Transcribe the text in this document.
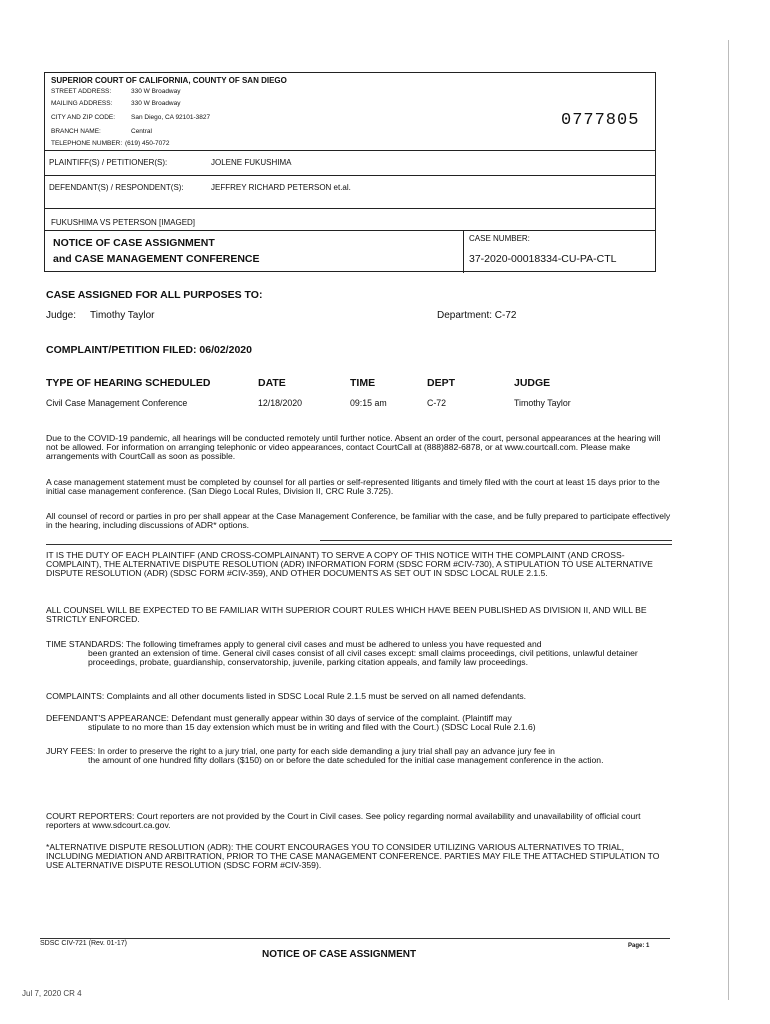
SUPERIOR COURT OF CALIFORNIA, COUNTY OF SAN DIEGO
STREET ADDRESS:	330 W Broadway
MAILING ADDRESS:	330 W Broadway
CITY AND ZIP CODE: San Diego, CA 92101-3827
BRANCH NAME:	Central
TELEPHONE NUMBER: (619) 450-7072
0777805
PLAINTIFF(S) / PETITIONER(S):	JOLENE FUKUSHIMA
DEFENDANT(S) / RESPONDENT(S):	JEFFREY RICHARD PETERSON et.al.
FUKUSHIMA VS PETERSON [IMAGED]
NOTICE OF CASE ASSIGNMENT
and CASE MANAGEMENT CONFERENCE
CASE NUMBER:
37-2020-00018334-CU-PA-CTL
CASE ASSIGNED FOR ALL PURPOSES TO:
Judge: Timothy Taylor	Department: C-72
COMPLAINT/PETITION FILED: 06/02/2020
TYPE OF HEARING SCHEDULED	DATE	TIME	DEPT	JUDGE
Civil Case Management Conference	12/18/2020	09:15 am	C-72	Timothy Taylor
Due to the COVID-19 pandemic, all hearings will be conducted remotely until further notice. Absent an order of the court, personal appearances at the hearing will not be allowed. For information on arranging telephonic or video appearances, contact CourtCall at (888)882-6878, or at www.courtcall.com. Please make arrangements with CourtCall as soon as possible.
A case management statement must be completed by counsel for all parties or self-represented litigants and timely filed with the court at least 15 days prior to the initial case management conference. (San Diego Local Rules, Division II, CRC Rule 3.725).
All counsel of record or parties in pro per shall appear at the Case Management Conference, be familiar with the case, and be fully prepared to participate effectively in the hearing, including discussions of ADR* options.
IT IS THE DUTY OF EACH PLAINTIFF (AND CROSS-COMPLAINANT) TO SERVE A COPY OF THIS NOTICE WITH THE COMPLAINT (AND CROSS-COMPLAINT), THE ALTERNATIVE DISPUTE RESOLUTION (ADR) INFORMATION FORM (SDSC FORM #CIV-730), A STIPULATION TO USE ALTERNATIVE DISPUTE RESOLUTION (ADR) (SDSC FORM #CIV-359), AND OTHER DOCUMENTS AS SET OUT IN SDSC LOCAL RULE 2.1.5.
ALL COUNSEL WILL BE EXPECTED TO BE FAMILIAR WITH SUPERIOR COURT RULES WHICH HAVE BEEN PUBLISHED AS DIVISION II, AND WILL BE STRICTLY ENFORCED.
TIME STANDARDS: The following timeframes apply to general civil cases and must be adhered to unless you have requested and
been granted an extension of time. General civil cases consist of all civil cases except: small claims proceedings, civil petitions, unlawful detainer proceedings, probate, guardianship, conservatorship, juvenile, parking citation appeals, and family law proceedings.
COMPLAINTS: Complaints and all other documents listed in SDSC Local Rule 2.1.5 must be served on all named defendants.
DEFENDANT'S APPEARANCE: Defendant must generally appear within 30 days of service of the complaint. (Plaintiff may
stipulate to no more than 15 day extension which must be in writing and filed with the Court.) (SDSC Local Rule 2.1.6)
JURY FEES: In order to preserve the right to a jury trial, one party for each side demanding a jury trial shall pay an advance jury fee in
the amount of one hundred fifty dollars ($150) on or before the date scheduled for the initial case management conference in the action.
COURT REPORTERS: Court reporters are not provided by the Court in Civil cases. See policy regarding normal availability and unavailability of official court reporters at www.sdcourt.ca.gov.
*ALTERNATIVE DISPUTE RESOLUTION (ADR): THE COURT ENCOURAGES YOU TO CONSIDER UTILIZING VARIOUS ALTERNATIVES TO TRIAL, INCLUDING MEDIATION AND ARBITRATION, PRIOR TO THE CASE MANAGEMENT CONFERENCE. PARTIES MAY FILE THE ATTACHED STIPULATION TO USE ALTERNATIVE DISPUTE RESOLUTION (SDSC FORM #CIV-359).
SDSC CIV-721 (Rev. 01-17)
NOTICE OF CASE ASSIGNMENT
Page: 1
Jul 7, 2020 CR 4
